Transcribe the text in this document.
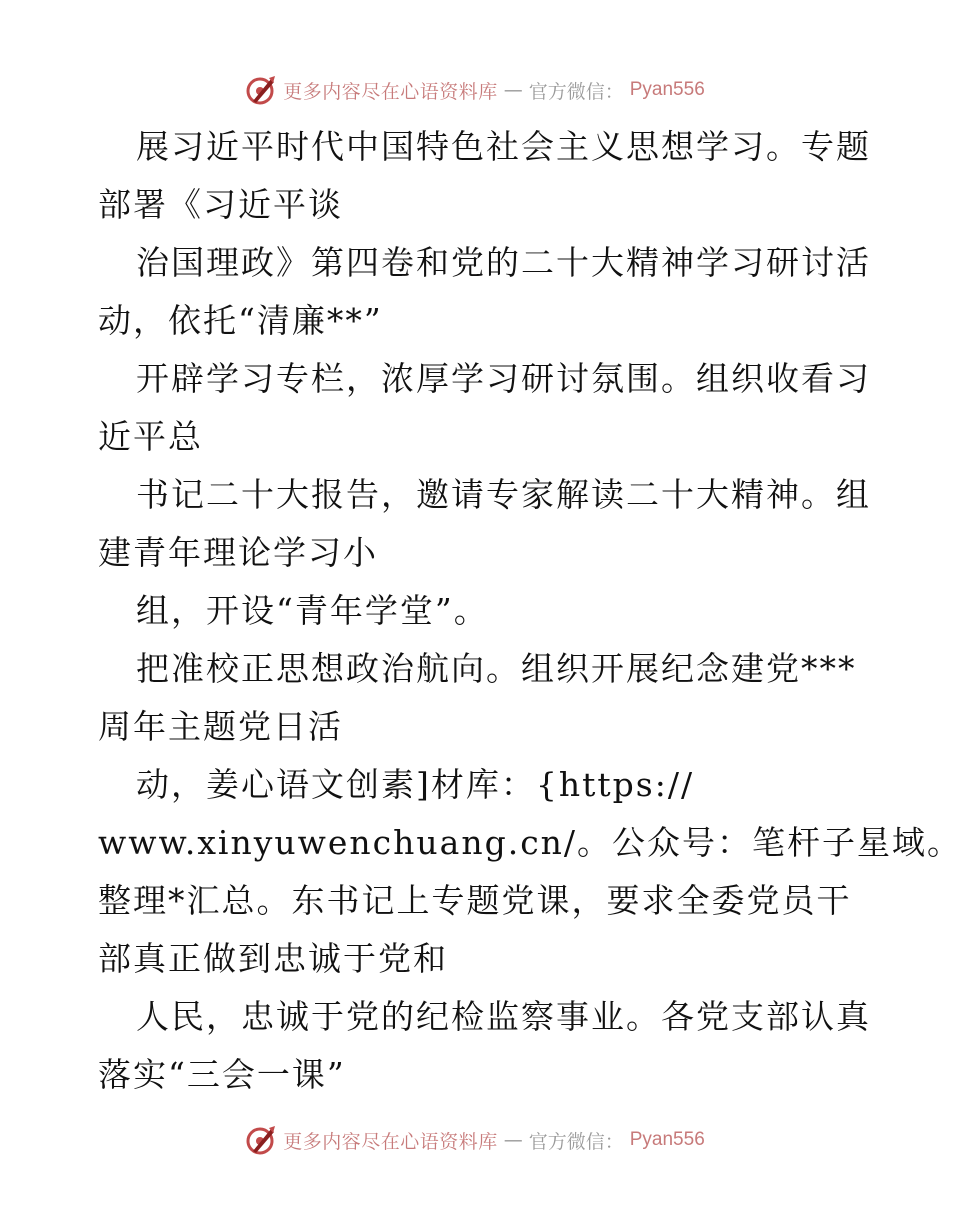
更多内容尽在心语资料库 — 官方微信： Pyan556
展习近平时代中国特色社会主义思想学习。专题
部署《习近平谈
治国理政》第四卷和党的二十大精神学习研讨活
动，依托“清廉**”
开辟学习专栏，浓厚学习研讨氛围。组织收看习
近平总
书记二十大报告，邀请专家解读二十大精神。组
建青年理论学习小
组，开设“青年学堂”。
把准校正思想政治航向。组织开展纪念建党***
周年主题党日活
动，姜心语文创素]材库：{https://
www.xinyuwenchuang.cn/。公众号：笔杆子星域。
整理*汇总。东书记上专题党课，要求全委党员干
部真正做到忠诚于党和
人民，忠诚于党的纪检监察事业。各党支部认真
落实“三会一课”
更多内容尽在心语资料库 — 官方微信： Pyan556
